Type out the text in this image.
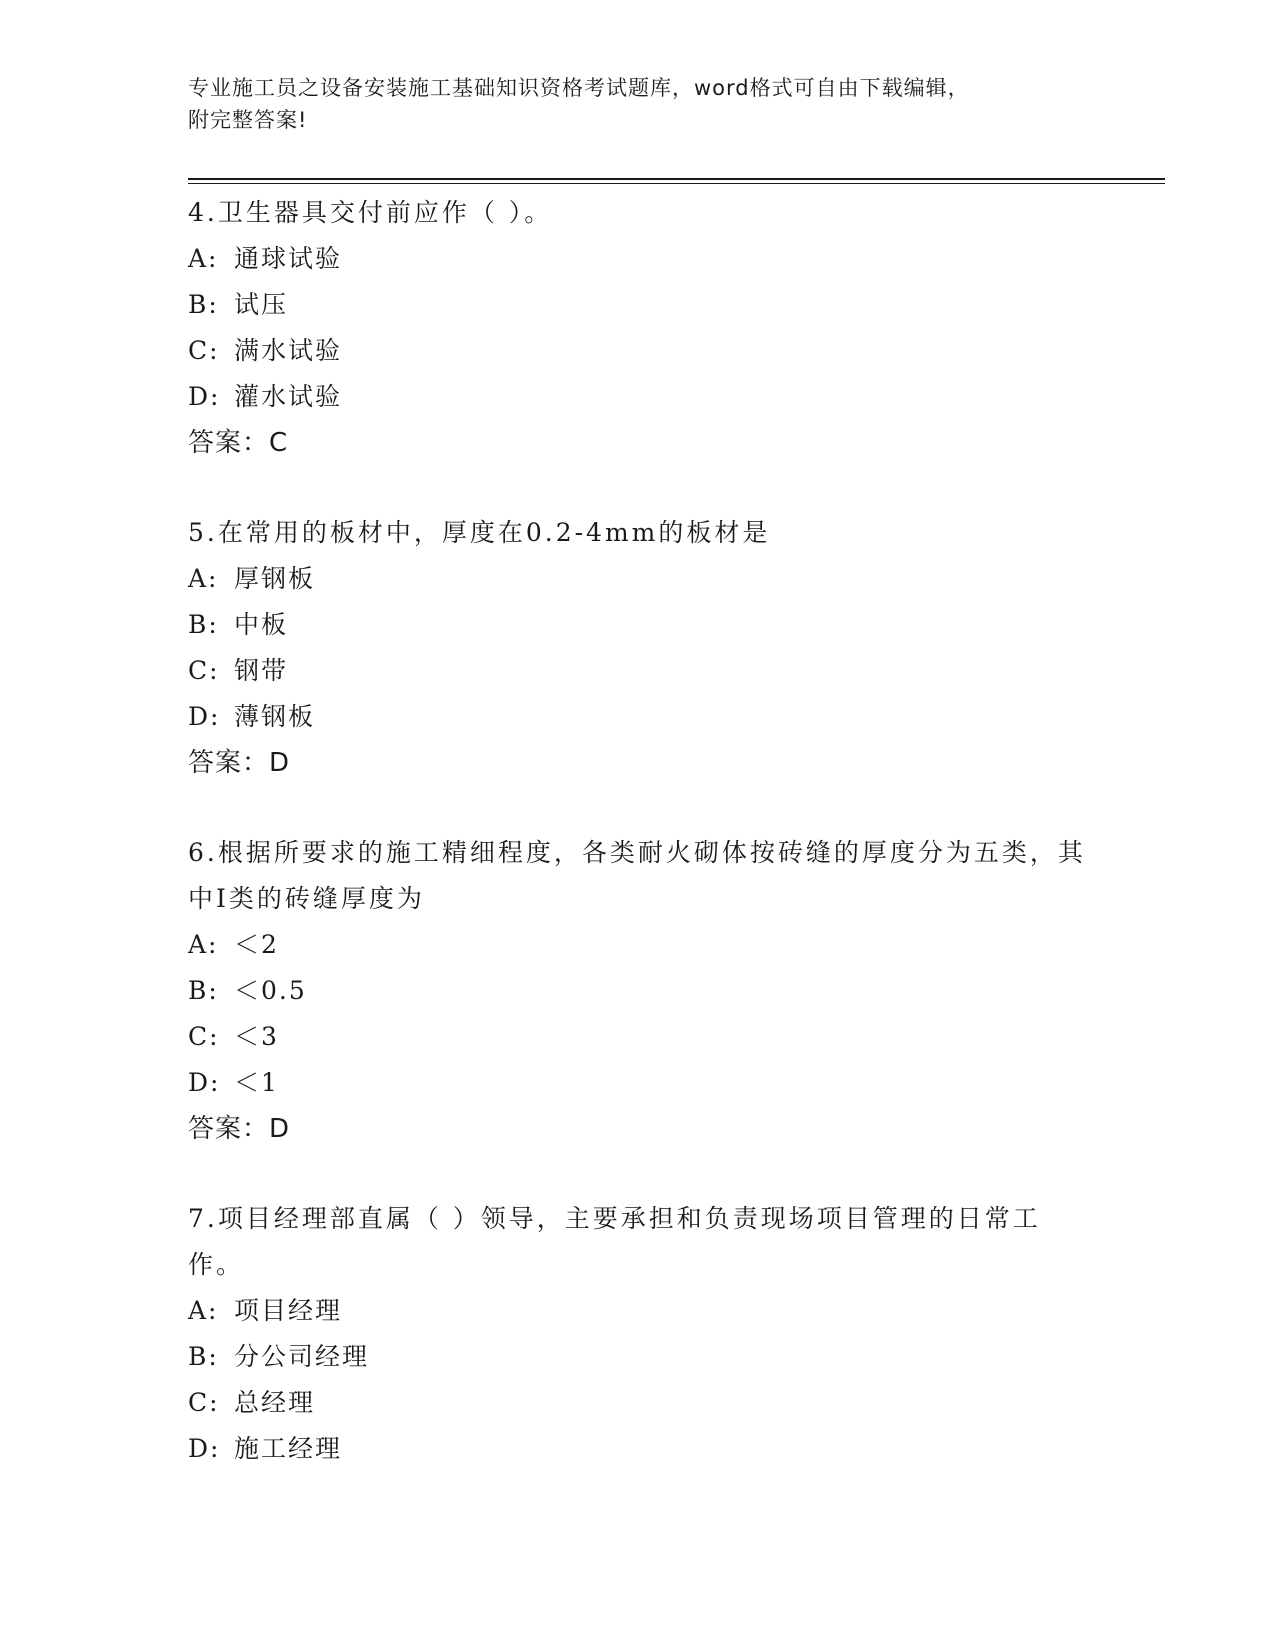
专业施工员之设备安装施工基础知识资格考试题库，word格式可自由下载编辑，
附完整答案!
4.卫生器具交付前应作（ ）。
A: 通球试验
B: 试压
C: 满水试验
D: 灌水试验
答案：C
5.在常用的板材中，厚度在0.2-4mm的板材是
A: 厚钢板
B: 中板
C: 钢带
D: 薄钢板
答案：D
6.根据所要求的施工精细程度，各类耐火砌体按砖缝的厚度分为五类，其中Ⅰ类的砖缝厚度为
A: ＜2
B: ＜0.5
C: ＜3
D: ＜1
答案：D
7.项目经理部直属（ ）领导，主要承担和负责现场项目管理的日常工作。
A: 项目经理
B: 分公司经理
C: 总经理
D: 施工经理
